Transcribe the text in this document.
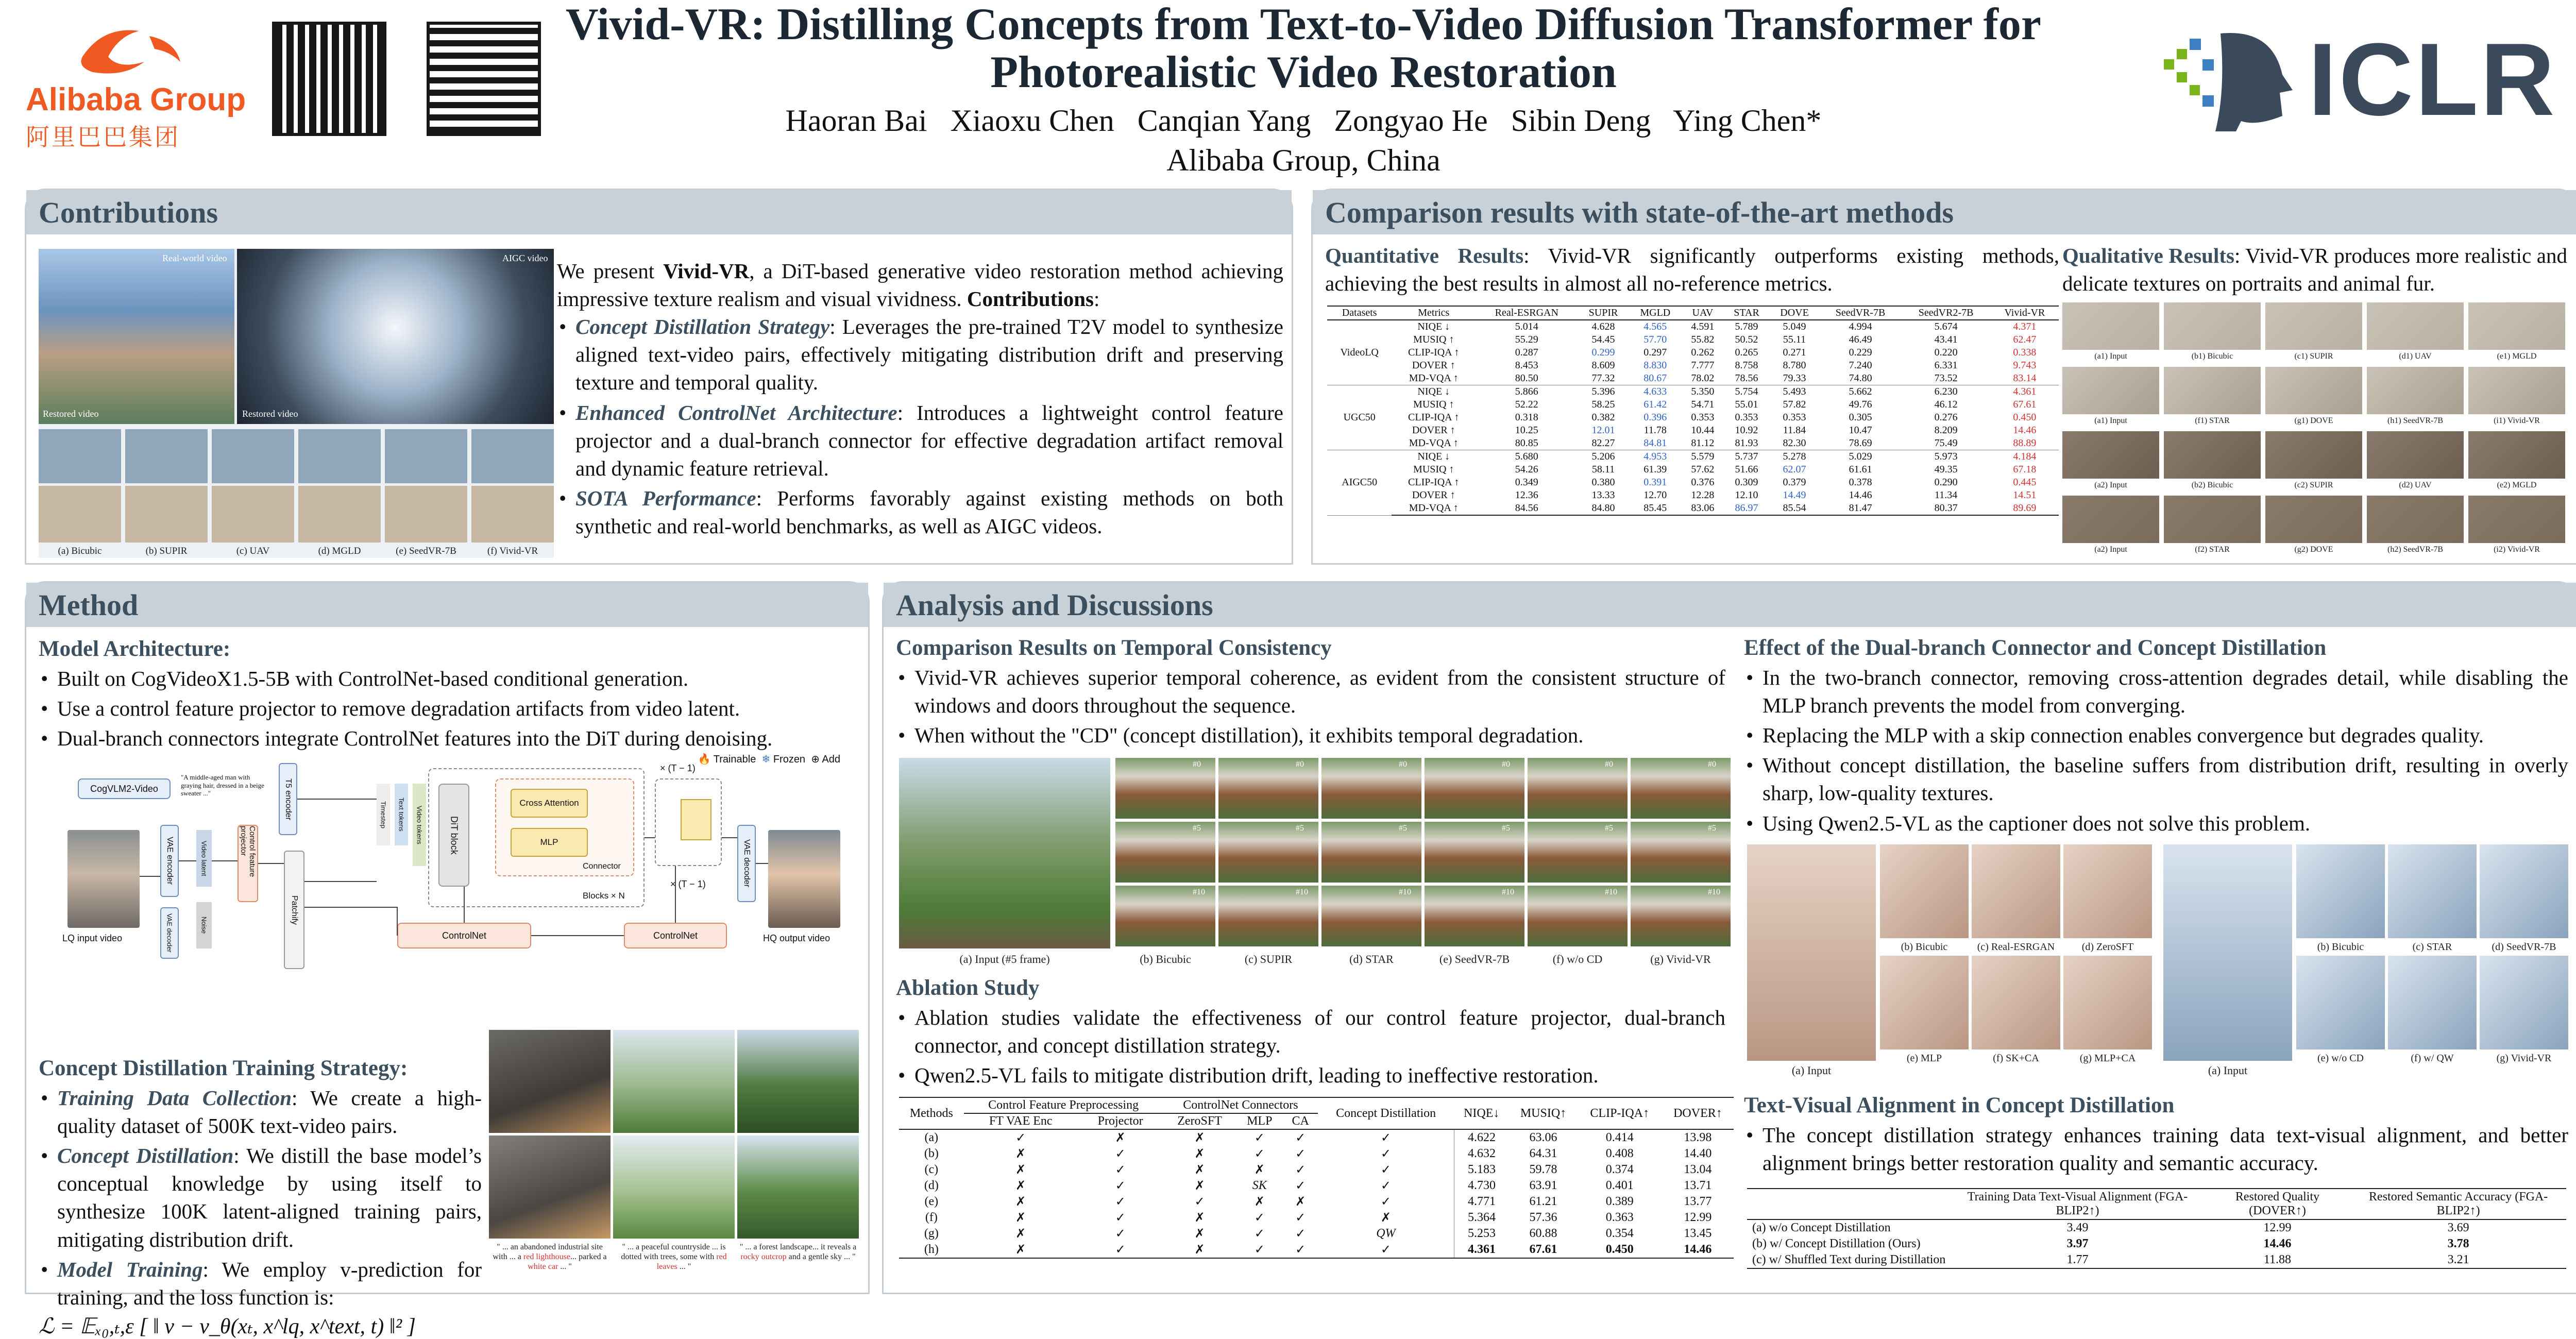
Alibaba Group
阿里巴巴集团
Vivid-VR: Distilling Concepts from Text-to-Video Diffusion Transformer for
Photorealistic Video Restoration
Haoran Bai   Xiaoxu Chen   Canqian Yang   Zongyao He   Sibin Deng   Ying Chen*
Alibaba Group, China
ICLR
Contributions
Real-world video	AIGC video
Restored video	Restored video
(a) Bicubic	(b) SUPIR	(c) UAV	(d) MGLD	(e) SeedVR-7B	(f) Vivid-VR

We present Vivid-VR, a DiT-based generative video restoration method achieving impressive texture realism and visual vividness. Contributions:

• Concept Distillation Strategy: Leverages the pre-trained T2V model to synthesize aligned text-video pairs, effectively mitigating distribution drift and preserving texture and temporal quality.
• Enhanced ControlNet Architecture: Introduces a lightweight control feature projector and a dual-branch connector for effective degradation artifact removal and dynamic feature retrieval.
• SOTA Performance: Performs favorably against existing methods on both synthetic and real-world benchmarks, as well as AIGC videos.
Comparison results with state-of-the-art methods

Quantitative Results: Vivid-VR significantly outperforms existing methods, achieving the best results in almost all no-reference metrics.

Datasets	Metrics	Real-ESRGAN	SUPIR	MGLD	UAV	STAR	DOVE	SeedVR-7B	SeedVR2-7B	Vivid-VR
VideoLQ	NIQE ↓	5.014	4.628	4.565	4.591	5.789	5.049	4.994	5.674	4.371
	MUSIQ ↑	55.29	54.45	57.70	55.82	50.52	55.11	46.49	43.41	62.47
	CLIP-IQA ↑	0.287	0.299	0.297	0.262	0.265	0.271	0.229	0.220	0.338
	DOVER ↑	8.453	8.609	8.830	7.777	8.758	8.780	7.240	6.331	9.743
	MD-VQA ↑	80.50	77.32	80.67	78.02	78.56	79.33	74.80	73.52	83.14
UGC50	NIQE ↓	5.866	5.396	4.633	5.350	5.754	5.493	5.662	6.230	4.361
	MUSIQ ↑	52.22	58.25	61.42	54.71	55.01	57.82	49.76	46.12	67.61
	CLIP-IQA ↑	0.318	0.382	0.396	0.353	0.353	0.353	0.305	0.276	0.450
	DOVER ↑	10.25	12.01	11.78	10.44	10.92	11.84	10.47	8.209	14.46
	MD-VQA ↑	80.85	82.27	84.81	81.12	81.93	82.30	78.69	75.49	88.89
AIGC50	NIQE ↓	5.680	5.206	4.953	5.579	5.737	5.278	5.029	5.973	4.184
	MUSIQ ↑	54.26	58.11	61.39	57.62	51.66	62.07	61.61	49.35	67.18
	CLIP-IQA ↑	0.349	0.380	0.391	0.376	0.309	0.379	0.378	0.290	0.445
	DOVER ↑	12.36	13.33	12.70	12.28	12.10	14.49	14.46	11.34	14.51
	MD-VQA ↑	84.56	84.80	85.45	83.06	86.97	85.54	81.47	80.37	89.69

Qualitative Results: Vivid-VR produces more realistic and delicate textures on portraits and animal fur.

(a1) Input	(b1) Bicubic	(c1) SUPIR	(d1) UAV	(e1) MGLD
(a1) Input	(f1) STAR	(g1) DOVE	(h1) SeedVR-7B	(i1) Vivid-VR
(a2) Input	(b2) Bicubic	(c2) SUPIR	(d2) UAV	(e2) MGLD
(a2) Input	(f2) STAR	(g2) DOVE	(h2) SeedVR-7B	(i2) Vivid-VR
Method
Model Architecture:
• Built on CogVideoX1.5-5B with ControlNet-based conditional generation.
• Use a control feature projector to remove degradation artifacts from video latent.
• Dual-branch connectors integrate ControlNet features into the DiT during denoising.
🔥 Trainable ❄ Frozen ⊕ Add
CogVLM2-Video
"A middle-aged man with graying hair, dressed in a beige sweater ..."	T5 encoder
LQ input video
VAE encoder	Video latent
Noise
Control feature projector
Patchify
Timestep	Text tokens	Video tokens	DiT block
Cross Attention
MLP
Connector
Blocks × N
× (T − 1)
× (T − 1)	VAE decoder
VAE decoder	ControlNet	ControlNet	HQ output video
Concept Distillation Training Strategy:
• Training Data Collection: We create a high-quality dataset of 500K text-video pairs.
• Concept Distillation: We distill the base model’s conceptual knowledge by using itself to synthesize 100K latent-aligned training pairs, mitigating distribution drift.
• Model Training: We employ v-prediction for training, and the loss function is:
ℒ = 𝔼ₓ₀,ₜ,ε [ ‖ v − v_θ(xₜ, x^lq, x^text, t) ‖² ]
" ... an abandoned industrial site with ... a red lighthouse... parked a white car ... "
" ... a peaceful countryside ... is dotted with trees, some with red leaves ... "
" ... a forest landscape... it reveals a rocky outcrop and a gentle sky ... "
Analysis and Discussions
Comparison Results on Temporal Consistency
• Vivid-VR achieves superior temporal coherence, as evident from the consistent structure of windows and doors throughout the sequence.
• When without the "CD" (concept distillation), it exhibits temporal degradation.
#0
#5
#10
#0
#5
#10
#0
#5
#10
#0
#5
#10
#0
#5
#10
#0
#5
#10
(a) Input (#5 frame)	(b) Bicubic	(c) SUPIR	(d) STAR	(e) SeedVR-7B	(f) w/o CD	(g) Vivid-VR
Ablation Study
• Ablation studies validate the effectiveness of our control feature projector, dual-branch connector, and concept distillation strategy.
• Qwen2.5-VL fails to mitigate distribution drift, leading to ineffective restoration.
Methods	Control Feature Preprocessing		ControlNet Connectors			Concept Distillation	NIQE↓	MUSIQ↑	CLIP-IQA↑	DOVER↑
	FT VAE Enc	Projector	ZeroSFT	MLP	CA					
(a)	✓	✗	✗	✓	✓	✓	4.622	63.06	0.414	13.98
(b)	✗	✓	✗	✓	✓	✓	4.632	64.31	0.408	14.40
(c)	✗	✓	✗	✗	✓	✓	5.183	59.78	0.374	13.04
(d)	✗	✓	✗	SK	✓	✓	4.730	63.91	0.401	13.71
(e)	✗	✓	✓	✗	✗	✓	4.771	61.21	0.389	13.77
(f)	✗	✓	✗	✓	✓	✗	5.364	57.36	0.363	12.99
(g)	✗	✓	✗	✓	✓	QW	5.253	60.88	0.354	13.45
(h)	✗	✓	✗	✓	✓	✓	4.361	67.61	0.450	14.46
Effect of the Dual-branch Connector and Concept Distillation
• In the two-branch connector, removing cross-attention degrades detail, while disabling the MLP branch prevents the model from converging.
• Replacing the MLP with a skip connection enables convergence but degrades quality.
• Without concept distillation, the baseline suffers from distribution drift, resulting in overly sharp, low-quality textures.
• Using Qwen2.5-VL as the captioner does not solve this problem.
(a) Input
(b) Bicubic	(c) Real-ESRGAN	(d) ZeroSFT
(e) MLP	(f) SK+CA	(g) MLP+CA
(a) Input
(b) Bicubic	(c) STAR	(d) SeedVR-7B
(e) w/o CD	(f) w/ QW	(g) Vivid-VR
Text-Visual Alignment in Concept Distillation
• The concept distillation strategy enhances training data text-visual alignment, and better alignment brings better restoration quality and semantic accuracy.
	Training Data Text-Visual Alignment (FGA-BLIP2↑)	Restored Quality (DOVER↑)	Restored Semantic Accuracy (FGA-BLIP2↑)
(a) w/o Concept Distillation	3.49	12.99	3.69
(b) w/ Concept Distillation (Ours)	3.97	14.46	3.78
(c) w/ Shuffled Text during Distillation	1.77	11.88	3.21
